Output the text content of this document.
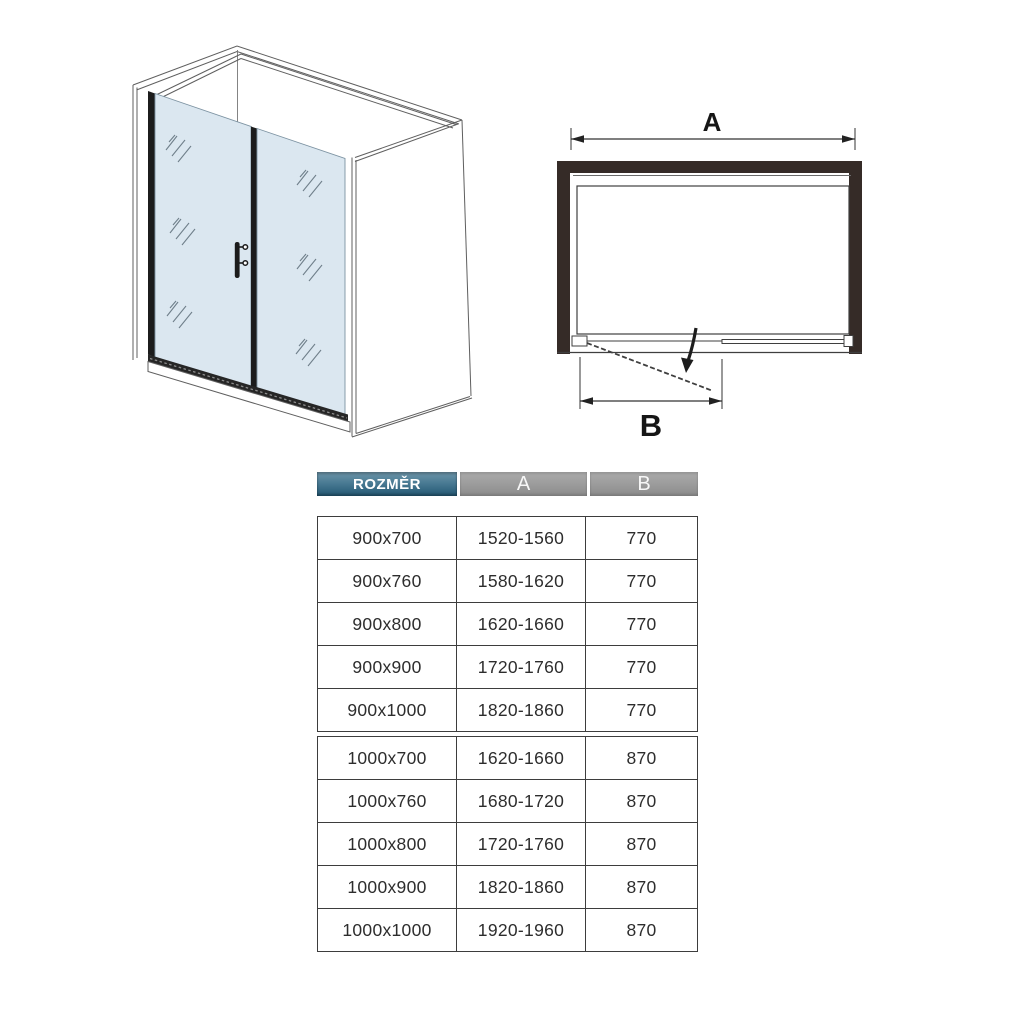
A
B
ROZMĚR	A	B
900x700	1520-1560	770
900x760	1580-1620	770
900x800	1620-1660	770
900x900	1720-1760	770
900x1000	1820-1860	770
1000x700	1620-1660	870
1000x760	1680-1720	870
1000x800	1720-1760	870
1000x900	1820-1860	870
1000x1000	1920-1960	870
